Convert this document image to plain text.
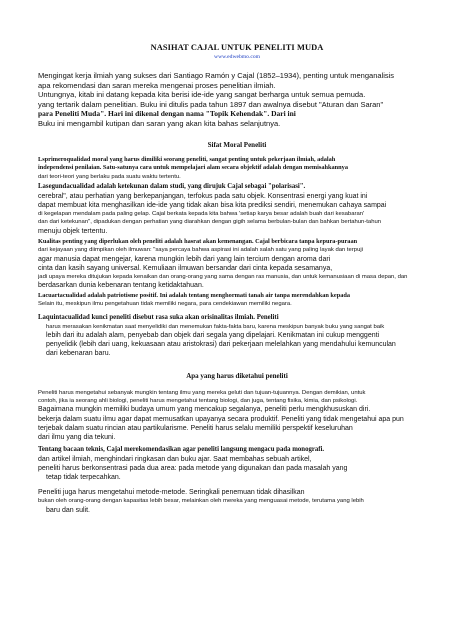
NASIHAT CAJAL UNTUK PENELITI MUDA
www.edwebmo.com
Mengingat kerja ilmiah yang sukses dari Santiago Ramón y Cajal (1852–1934), penting untuk menganalisis
apa rekomendasi dan saran mereka mengenai proses penelitian ilmiah.
Untungnya, kitab ini datang kepada kita berisi ide-ide yang sangat berharga untuk semua pemuda.
yang tertarik dalam penelitian. Buku ini ditulis pada tahun 1897 dan awalnya disebut "Aturan dan Saran"
para Peneliti Muda". Hari ini dikenal dengan nama "Topik Kehendak". Dari ini
Buku ini mengambil kutipan dan saran yang akan kita bahas selanjutnya.
Sifat Moral Peneliti
Lsprimeroqualidad moral yang harus dimiliki seorang peneliti, sangat penting untuk pekerjaan ilmiah, adalah
independensi penilaian. Satu-satunya cara untuk mempelajari alam secara objektif adalah dengan memisahkannya
dari teori-teori yang berlaku pada suatu waktu tertentu.
Lasegundacualidad adalah ketekunan dalam studi, yang dirujuk Cajal sebagai "polarisasi".
cerebral", atau perhatian yang berkepanjangan, terfokus pada satu objek. Konsentrasi energi yang kuat ini
dapat membuat kita menghasilkan ide-ide yang tidak akan bisa kita prediksi sendiri, menemukan cahaya sampai
di kegelapan mendalam pada paling gelap. Cajal berkata kepada kita bahwa 'setiap karya besar adalah buah dari kesabaran'
dan dari ketekunan", dipadukan dengan perhatian yang diarahkan dengan gigih selama berbulan-bulan dan bahkan bertahun-tahun
menuju objek tertentu.
Kualitas penting yang diperlukan oleh peneliti adalah hasrat akan kemenangan. Cajal berbicara tanpa kepura-puraan
dari kejayaan yang diimpikan oleh ilmuwan: "saya percaya bahwa aspirasi ini adalah salah satu yang paling layak dan terpuji
agar manusia dapat mengejar, karena mungkin lebih dari yang lain tercium dengan aroma dari
cinta dan kasih sayang universal. Kemuliaan ilmuwan bersandar dari cinta kepada sesamanya,
jadi upaya mereka ditujukan kepada kenaikan dan orang-orang yang sama dengan ras manusia, dan untuk kemanusiaan di masa depan, dan
berdasarkan dunia kebenaran tentang ketidaktahuan.
Lacuartacualidad adalah patriotisme positif. Ini adalah tentang menghormati tanah air tanpa merendahkan kepada
Selain itu, meskipun ilmu pengetahuan tidak memiliki negara, para cendekiawan memiliki negara.
Laquintacualidad kunci peneliti disebut rasa suka akan orisinalitas ilmiah. Peneliti
harus merasakan kenikmatan saat menyelidiki dan menemukan fakta-fakta baru, karena meskipun banyak buku yang sangat baik
lebih dari itu adalah alam, penyebab dan objek dari segala yang dipelajari. Kenikmatan ini cukup menggenti
penyelidik (lebih dari uang, kekuasaan atau aristokrasi) dari pekerjaan melelahkan yang mendahului kemunculan
dari kebenaran baru.
Apa yang harus diketahui peneliti
Peneliti harus mengetahui sebanyak mungkin tentang ilmu yang mereka geluti dan tujuan-tujuannya. Dengan demikian, untuk
contoh, jika ia seorang ahli biologi, peneliti harus mengetahui tentang biologi, dan juga, tentang fisika, kimia, dan psikologi.
Bagaimana mungkin memiliki budaya umum yang mencakup segalanya, peneliti perlu mengkhususkan diri.
bekerja dalam suatu ilmu agar dapat memusatkan upayanya secara produktif. Peneliti yang tidak mengetahui apa pun
terjebak dalam suatu rincian atau partikularisme. Peneliti harus selalu memiliki perspektif keseluruhan
dari ilmu yang dia tekuni.
Tentang bacaan teknis, Cajal merekomendasikan agar peneliti langsung mengacu pada monografi.
dan artikel ilmiah, menghindari ringkasan dan buku ajar. Saat membahas sebuah artikel,
peneliti harus berkonsentrasi pada dua area: pada metode yang digunakan dan pada masalah yang
tetap tidak terpecahkan.
Peneliti juga harus mengetahui metode-metode. Seringkali penemuan tidak dihasilkan
bukan oleh orang-orang dengan kapasitas lebih besar, melainkan oleh mereka yang menguasai metode, terutama yang lebih
baru dan sulit.
